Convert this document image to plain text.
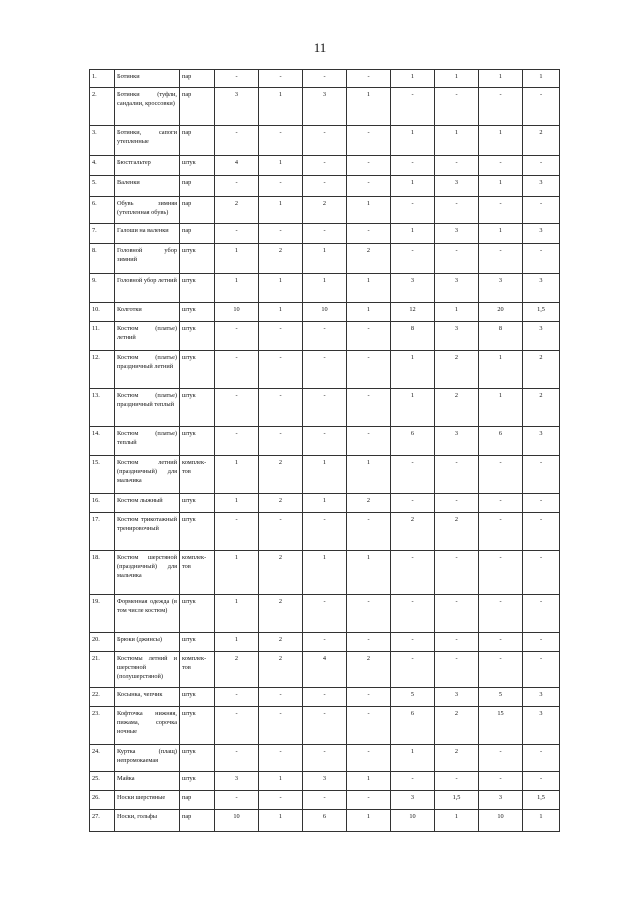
11
1.	Ботинки	пар	-	-	-	-	1	1	1	1
2.	Ботинки (туфли, сандалии, кроссовки)	пар	3	1	3	1	-	-	-	-
3.	Ботинки, сапоги утепленные	пар	-	-	-	-	1	1	1	2
4.	Бюстгальтер	штук	4	1	-	-	-	-	-	-
5.	Валенки	пар	-	-	-	-	1	3	1	3
6.	Обувь зимняя (утепленная обувь)	пар	2	1	2	1	-	-	-	-
7.	Галоши на валенки	пар	-	-	-	-	1	3	1	3
8.	Головной убор зимний	штук	1	2	1	2	-	-	-	-
9.	Головной убор летний	штук	1	1	1	1	3	3	3	3
10.	Колготки	штук	10	1	10	1	12	1	20	1,5
11.	Костюм (платье) летний	штук	-	-	-	-	8	3	8	3
12.	Костюм (платье) праздничный летний	штук	-	-	-	-	1	2	1	2
13.	Костюм (платье) праздничный теплый	штук	-	-	-	-	1	2	1	2
14.	Костюм (платье) теплый	штук	-	-	-	-	6	3	6	3
15.	Костюм летний (праздничный) для мальчика	комплек-тов	1	2	1	1	-	-	-	-
16.	Костюм лыжный	штук	1	2	1	2	-	-	-	-
17.	Костюм трикотажный тренировочный	штук	-	-	-	-	2	2	-	-
18.	Костюм шерстяной (праздничный) для мальчика	комплек-тов	1	2	1	1	-	-	-	-
19.	Форменная одежда (в том числе костюм)	штук	1	2	-	-	-	-	-	-
20.	Брюки (джинсы)	штук	1	2	-	-	-	-	-	-
21.	Костюмы летний и шерстяной (полушерстяной)	комплек-тов	2	2	4	2	-	-	-	-
22.	Косынка, чепчик	штук	-	-	-	-	5	3	5	3
23.	Кофточка нижняя, пижама, сорочка ночные	штук	-	-	-	-	6	2	15	3
24.	Куртка (плащ) непромокаемая	штук	-	-	-	-	1	2	-	-
25.	Майка	штук	3	1	3	1	-	-	-	-
26.	Носки шерстяные	пар	-	-	-	-	3	1,5	3	1,5
27.	Носки, гольфы	пар	10	1	6	1	10	1	10	1
